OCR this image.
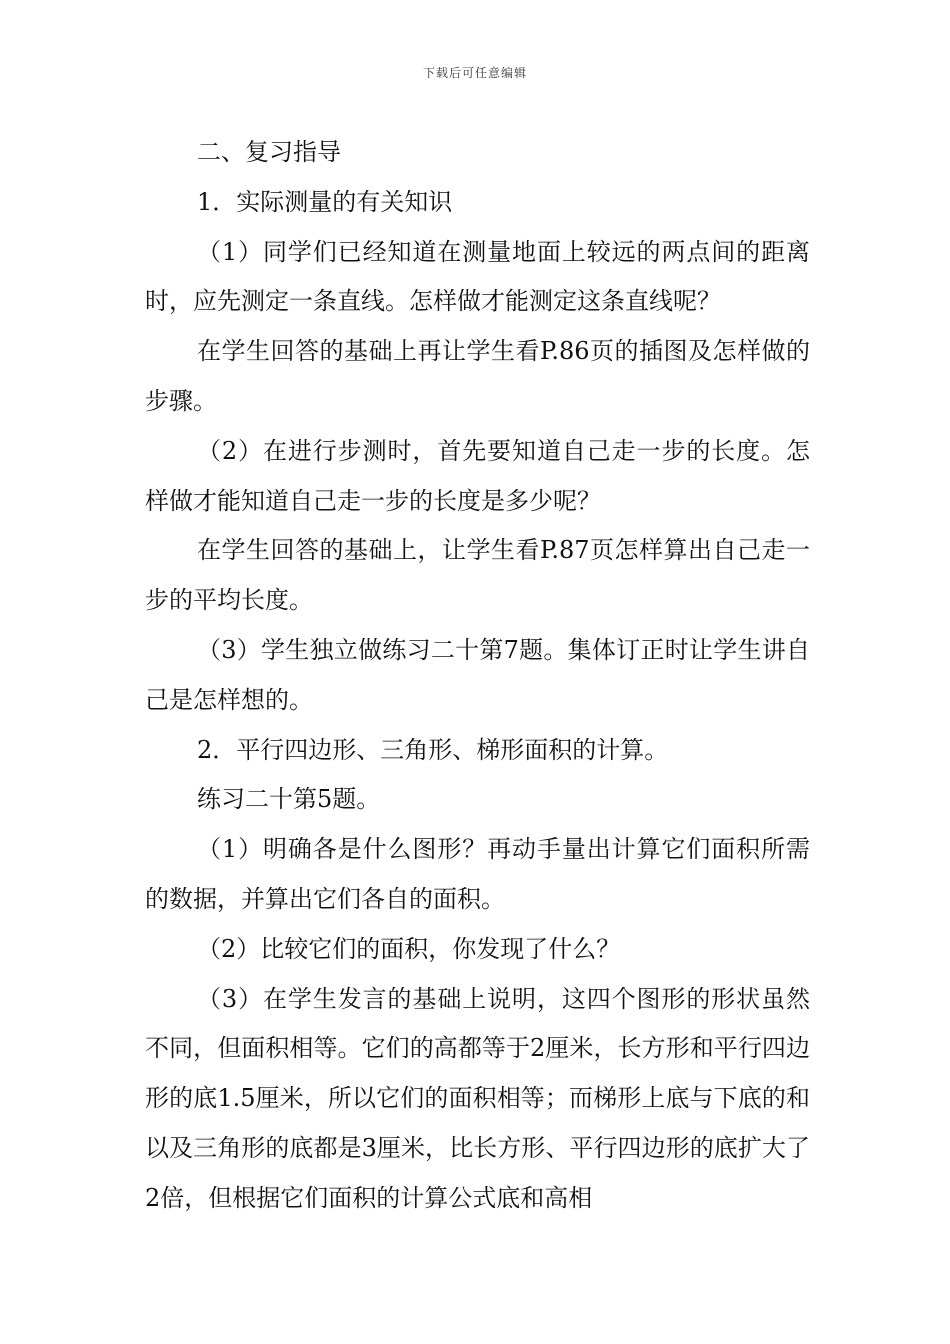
下载后可任意编辑

二、复习指导

1．实际测量的有关知识

（1）同学们已经知道在测量地面上较远的两点间的距离时，应先测定一条直线。怎样做才能测定这条直线呢？

在学生回答的基础上再让学生看P.86页的插图及怎样做的步骤。

（2）在进行步测时，首先要知道自己走一步的长度。怎样做才能知道自己走一步的长度是多少呢？

在学生回答的基础上，让学生看P.87页怎样算出自己走一步的平均长度。

（3）学生独立做练习二十第7题。集体订正时让学生讲自己是怎样想的。

2．平行四边形、三角形、梯形面积的计算。

练习二十第5题。

（1）明确各是什么图形？再动手量出计算它们面积所需的数据，并算出它们各自的面积。

（2）比较它们的面积，你发现了什么？

（3）在学生发言的基础上说明，这四个图形的形状虽然不同，但面积相等。它们的高都等于2厘米，长方形和平行四边形的底1.5厘米，所以它们的面积相等；而梯形上底与下底的和以及三角形的底都是3厘米，比长方形、平行四边形的底扩大了2倍，但根据它们面积的计算公式底和高相
